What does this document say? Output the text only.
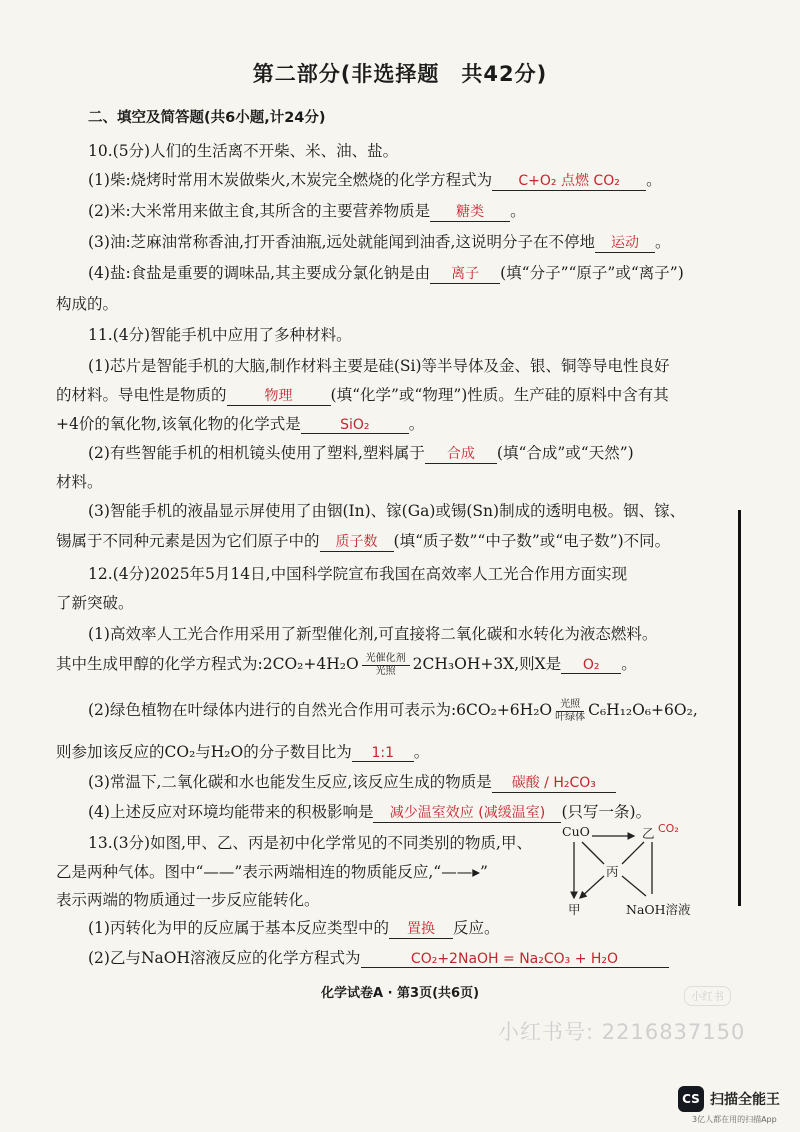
第二部分(非选择题　共42分)
二、填空及简答题(共6小题,计24分)
10.(5分)人们的生活离不开柴、米、油、盐。
(1)柴:烧烤时常用木炭做柴火,木炭完全燃烧的化学方程式为 C+O₂ 点燃 CO₂ 。
(2)米:大米常用来做主食,其所含的主要营养物质是 糖类 。
(3)油:芝麻油常称香油,打开香油瓶,远处就能闻到油香,这说明分子在不停地 运动 。
(4)盐:食盐是重要的调味品,其主要成分氯化钠是由 离子 (填“分子”“原子”或“离子”)
构成的。
11.(4分)智能手机中应用了多种材料。
(1)芯片是智能手机的大脑,制作材料主要是硅(Si)等半导体及金、银、铜等导电性良好
的材料。导电性是物质的	物理 (填“化学”或“物理”)性质。生产硅的原料中含有其
+4价的氧化物,该氧化物的化学式是	SiO₂	。
(2)有些智能手机的相机镜头使用了塑料,塑料属于 合成 (填“合成”或“天然”)
材料。
(3)智能手机的液晶显示屏使用了由铟(In)、镓(Ga)或锡(Sn)制成的透明电极。铟、镓、
锡属于不同种元素是因为它们原子中的 质子数 (填“质子数”“中子数”或“电子数”)不同。
12.(4分)2025年5月14日,中国科学院宣布我国在高效率人工光合作用方面实现
了新突破。
(1)高效率人工光合作用采用了新型催化剂,可直接将二氧化碳和水转化为液态燃料。
其中生成甲醇的化学方程式为:2CO₂+4H₂O $\frac{\text{光催化剂}}{\text{光照}} 2CH_3OH+3X$,则X是 O₂ 。
(2)绿色植物在叶绿体内进行的自然光合作用可表示为:6CO₂+6H₂O $\frac{\text{光照}}{\text{叶绿体}} C_6H_{12}O_6+6O_2$,
则参加该反应的CO₂与H₂O的分子数目比为 1:1 。
(3)常温下,二氧化碳和水也能发生反应,该反应生成的物质是 碳酸 / H₂CO₃
(4)上述反应对环境均能带来的积极影响是 减少温室效应 (减缓温室) (只写一条)。
13.(3分)如图,甲、乙、丙是初中化学常见的不同类别的物质,甲、
乙是两种气体。图中“——”表示两端相连的物质能反应,“——▸”
表示两端的物质通过一步反应能转化。
(1)丙转化为甲的反应属于基本反应类型中的 置换 反应。
(2)乙与NaOH溶液反应的化学方程式为	CO₂+2NaOH = Na₂CO₃ + H₂O
CuO	乙 CO₂
丙
甲	NaOH溶液
化学试卷A · 第3页(共6页)	小红书
小红书号: 2216837150
CS 扫描全能王
3亿人都在用的扫描App
